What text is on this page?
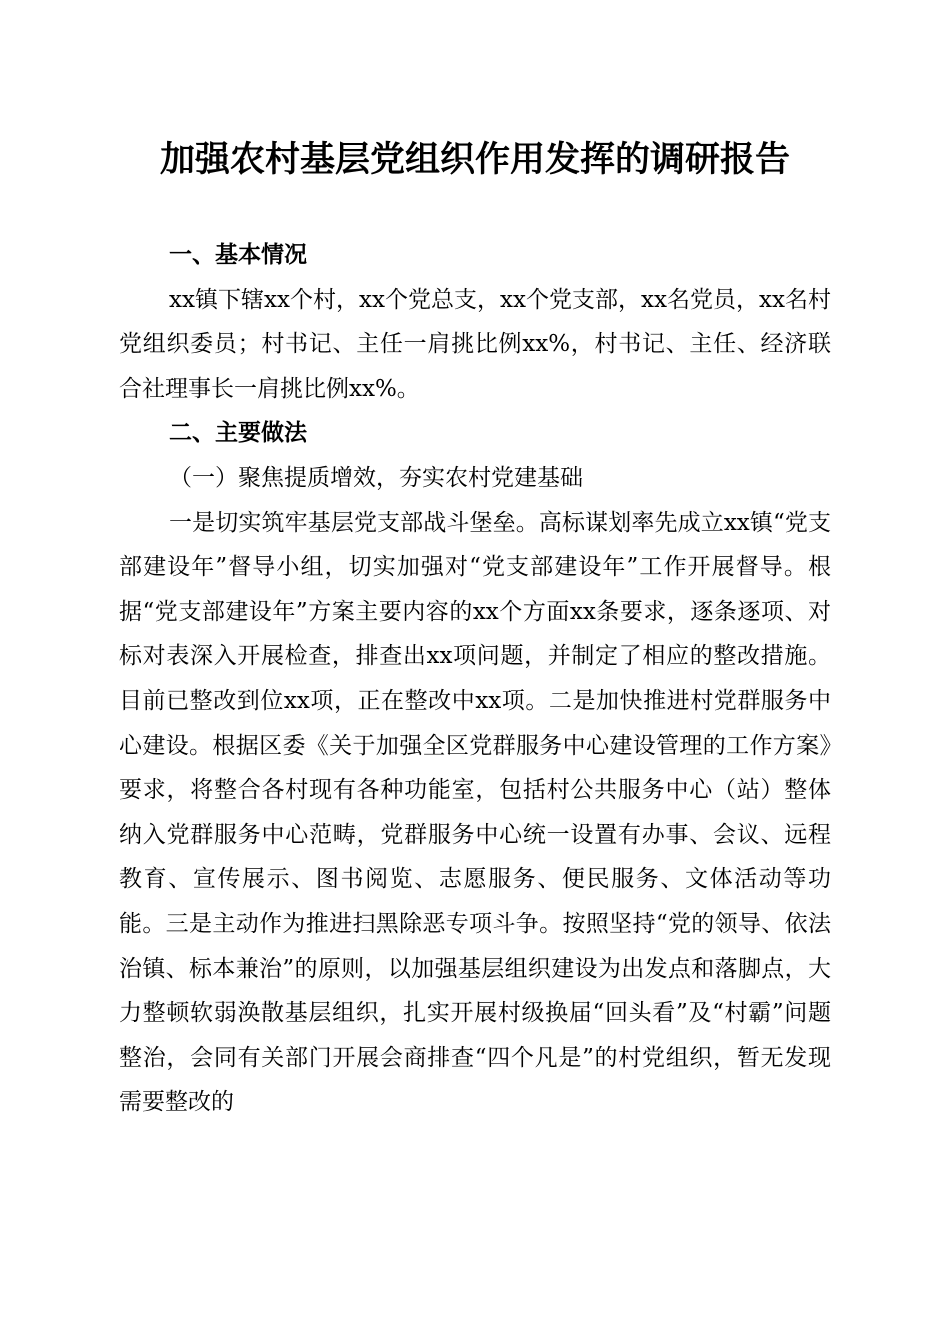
加强农村基层党组织作用发挥的调研报告

一、基本情况

xx镇下辖xx个村，xx个党总支，xx个党支部，xx名党员，xx名村党组织委员；村书记、主任一肩挑比例xx%，村书记、主任、经济联合社理事长一肩挑比例xx%。

二、主要做法

（一）聚焦提质增效，夯实农村党建基础

一是切实筑牢基层党支部战斗堡垒。高标谋划率先成立xx镇“党支部建设年”督导小组，切实加强对“党支部建设年”工作开展督导。根据“党支部建设年”方案主要内容的xx个方面xx条要求，逐条逐项、对标对表深入开展检查，排查出xx项问题，并制定了相应的整改措施。目前已整改到位xx项，正在整改中xx项。二是加快推进村党群服务中心建设。根据区委《关于加强全区党群服务中心建设管理的工作方案》要求，将整合各村现有各种功能室，包括村公共服务中心（站）整体纳入党群服务中心范畴，党群服务中心统一设置有办事、会议、远程教育、宣传展示、图书阅览、志愿服务、便民服务、文体活动等功能。三是主动作为推进扫黑除恶专项斗争。按照坚持“党的领导、依法治镇、标本兼治”的原则，以加强基层组织建设为出发点和落脚点，大力整顿软弱涣散基层组织，扎实开展村级换届“回头看”及“村霸”问题整治，会同有关部门开展会商排查“四个凡是”的村党组织，暂无发现需要整改的
